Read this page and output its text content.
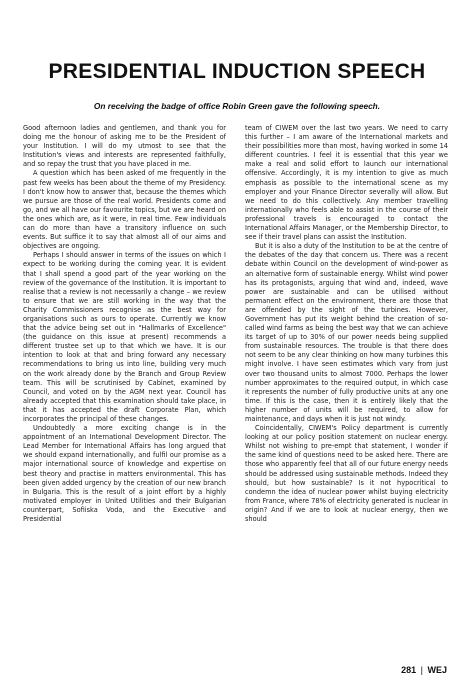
PRESIDENTIAL INDUCTION SPEECH
On receiving the badge of office Robin Green gave the following speech.

Good afternoon ladies and gentlemen, and thank you for doing me the honour of asking me to be the President of your Institution. I will do my utmost to see that the Institution's views and interests are represented faithfully, and so repay the trust that you have placed in me.

A question which has been asked of me frequently in the past few weeks has been about the theme of my Presidency. I don't know how to answer that, because the themes which we pursue are those of the real world. Presidents come and go, and we all have our favourite topics, but we are heard on the ones which are, as it were, in real time. Few individuals can do more than have a transitory influence on such events. But suffice it to say that almost all of our aims and objectives are ongoing.

Perhaps I should answer in terms of the issues on which I expect to be working during the coming year. It is evident that I shall spend a good part of the year working on the review of the governance of the Institution. It is important to realise that a review is not necessarily a change – we review to ensure that we are still working in the way that the Charity Commissioners recognise as the best way for organisations such as ours to operate. Currently we know that the advice being set out in "Hallmarks of Excellence" (the guidance on this issue at present) recommends a different trustee set up to that which we have. It is our intention to look at that and bring forward any necessary recommendations to bring us into line, building very much on the work already done by the Branch and Group Review team. This will be scrutinised by Cabinet, examined by Council, and voted on by the AGM next year. Council has already accepted that this examination should take place, in that it has accepted the draft Corporate Plan, which incorporates the principal of these changes.

Undoubtedly a more exciting change is in the appointment of an International Development Director. The Lead Member for International Affairs has long argued that we should expand internationally, and fulfil our promise as a major international source of knowledge and expertise on best theory and practise in matters environmental. This has been given added urgency by the creation of our new branch in Bulgaria. This is the result of a joint effort by a highly motivated employer in United Utilities and their Bulgarian counterpart, Sofiiska Voda, and the Executive and Presidential

team of CIWEM over the last two years. We need to carry this further – I am aware of the International markets and their possibilities more than most, having worked in some 14 different countries. I feel it is essential that this year we make a real and solid effort to launch our international offensive. Accordingly, it is my intention to give as much emphasis as possible to the international scene as my employer and your Finance Director severally will allow. But we need to do this collectively. Any member travelling internationally who feels able to assist in the course of their professional travels is encouraged to contact the International Affairs Manager, or the Membership Director, to see if their travel plans can assist the Institution.

But it is also a duty of the Institution to be at the centre of the debates of the day that concern us. There was a recent debate within Council on the development of wind-power as an alternative form of sustainable energy. Whilst wind power has its protagonists, arguing that wind and, indeed, wave power are sustainable and can be utilised without permanent effect on the environment, there are those that are offended by the sight of the turbines. However, Government has put its weight behind the creation of so-called wind farms as being the best way that we can achieve its target of up to 30% of our power needs being supplied from sustainable resources. The trouble is that there does not seem to be any clear thinking on how many turbines this might involve. I have seen estimates which vary from just over two thousand units to almost 7000. Perhaps the lower number approximates to the required output, in which case it represents the number of fully productive units at any one time. If this is the case, then it is entirely likely that the higher number of units will be required, to allow for maintenance, and days when it is just not windy.

Coincidentally, CIWEM's Policy department is currently looking at our policy position statement on nuclear energy. Whilst not wishing to pre-empt that statement, I wonder if the same kind of questions need to be asked here. There are those who apparently feel that all of our future energy needs should be addressed using sustainable methods. Indeed they should, but how sustainable? Is it not hypocritical to condemn the idea of nuclear power whilst buying electricity from France, where 78% of electricity generated is nuclear in origin? And if we are to look at nuclear energy, then we should

281 | WEJ
